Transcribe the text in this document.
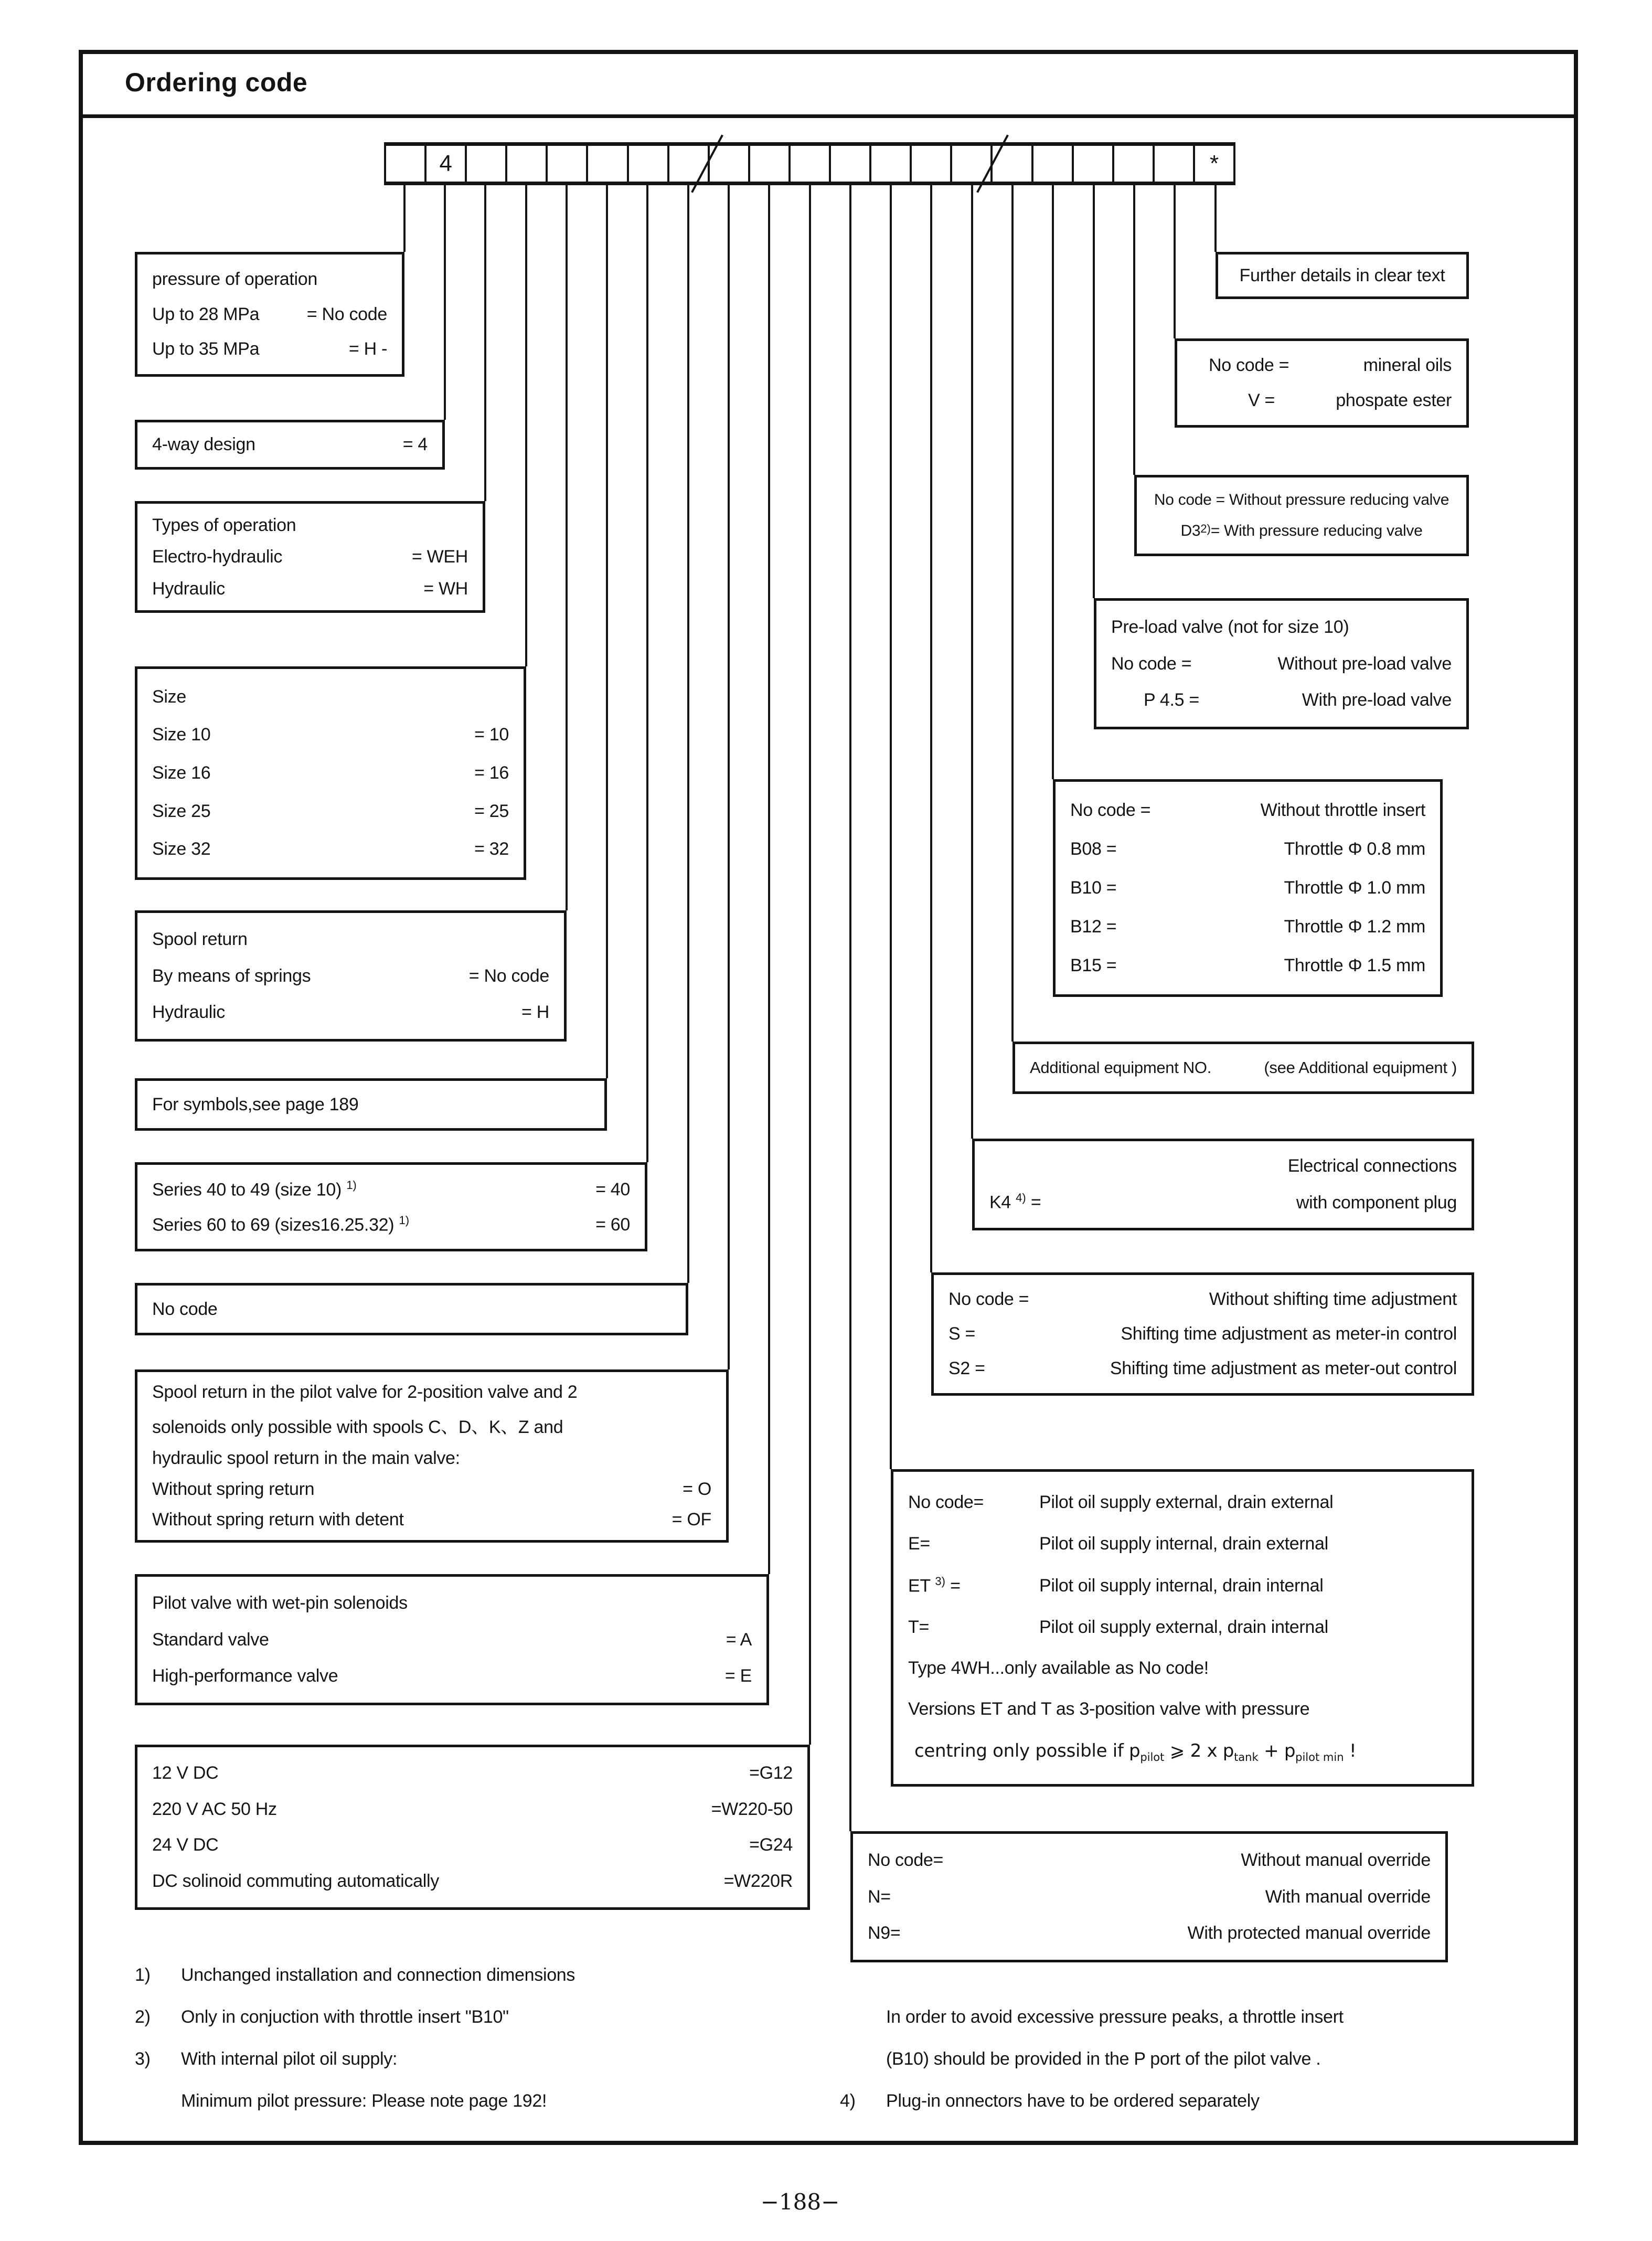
Ordering code
4	*
pressure of operation
Up to 28 MPa	= No code
Up to 35 MPa	= H -
4-way design	= 4
Types of operation
Electro-hydraulic	= WEH
Hydraulic	= WH
Size
Size 10	= 10
Size 16	= 16
Size 25	= 25
Size 32	= 32
Spool return
By means of springs	= No code
Hydraulic	= H
For symbols,see page 189
Series 40 to 49 (size 10) $^{1)}$	= 40
Series 60 to 69 (sizes16.25.32) $^{1)}$	= 60
No code
Spool return in the pilot valve for 2-position valve and 2
solenoids only possible with spools C、D、K、Z and
hydraulic spool return in the main valve:
Without spring return	= O
Without spring return with detent	= OF
Pilot valve with wet-pin solenoids
Standard valve	= A
High-performance valve	= E
12 V DC	=G12
220 V AC 50 Hz	=W220-50
24 V DC	=G24
DC solinoid commuting automatically	=W220R
Further details in clear text
No code =	mineral oils
V =	phospate ester
No code = Without pressure reducing valve
D3 2) = With pressure reducing valve
Pre-load valve (not for size 10)
No code =	Without pre-load valve
P 4.5 =	With pre-load valve
No code =	Without throttle insert
B08 =	Throttle Φ 0.8 mm
B10 =	Throttle Φ 1.0 mm
B12 =	Throttle Φ 1.2 mm
B15 =	Throttle Φ 1.5 mm
Additional equipment NO.	(see Additional equipment )
Electrical connections
K4 $^{4)}$ =	with component plug
No code =	Without shifting time adjustment
S =	Shifting time adjustment as meter-in control
S2 =	Shifting time adjustment as meter-out control
No code=	Pilot oil supply external, drain external
E=	Pilot oil supply internal, drain external
ET $^{3)}$ =	Pilot oil supply internal, drain internal
T=	Pilot oil supply external, drain internal
Type 4WH...only available as No code!
Versions ET and T as 3-position valve with pressure
centring only possible if $p_{pilot}$ ⩾ 2 x $p_{tank} + p_{pilot min}$ !
No code=	Without manual override
N=	With manual override
N9=	With protected manual override
1) Unchanged installation and connection dimensions
2) Only in conjuction with throttle insert "B10"
3) With internal pilot oil supply:
Minimum pilot pressure: Please note page 192!
In order to avoid excessive pressure peaks, a throttle insert
(B10) should be provided in the P port of the pilot valve .
4) Plug-in onnectors have to be ordered separately
−188−
